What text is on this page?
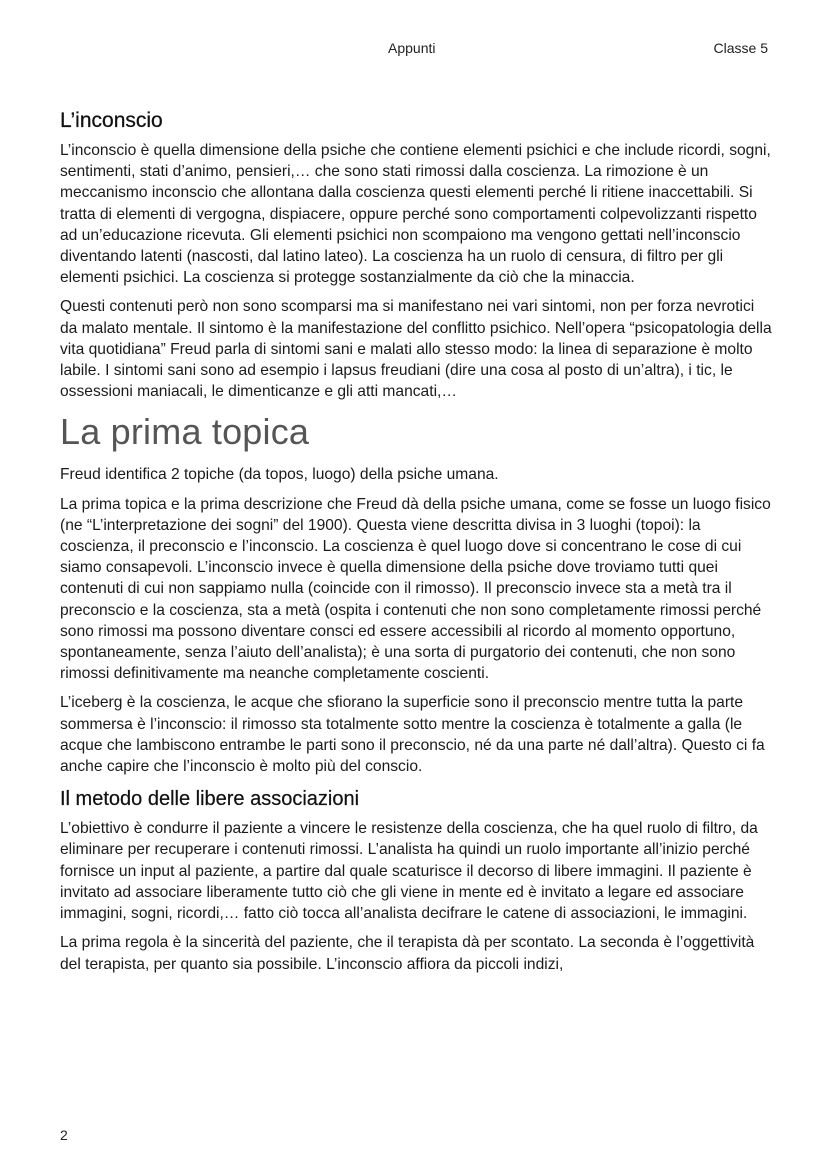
Appunti	Classe 5
L’inconscio

L’inconscio è quella dimensione della psiche che contiene elementi psichici e che include ricordi, sogni, sentimenti, stati d’animo, pensieri,… che sono stati rimossi dalla coscienza. La rimozione è un meccanismo inconscio che allontana dalla coscienza questi elementi perché li ritiene inaccettabili. Si tratta di elementi di vergogna, dispiacere, oppure perché sono comportamenti colpevolizzanti rispetto ad un’educazione ricevuta. Gli elementi psichici non scompaiono ma vengono gettati nell’inconscio diventando latenti (nascosti, dal latino lateo). La coscienza ha un ruolo di censura, di filtro per gli elementi psichici. La coscienza si protegge sostanzialmente da ciò che la minaccia.

Questi contenuti però non sono scomparsi ma si manifestano nei vari sintomi, non per forza nevrotici da malato mentale. Il sintomo è la manifestazione del conflitto psichico. Nell’opera “psicopatologia della vita quotidiana” Freud parla di sintomi sani e malati allo stesso modo: la linea di separazione è molto labile. I sintomi sani sono ad esempio i lapsus freudiani (dire una cosa al posto di un’altra), i tic, le ossessioni maniacali, le dimenticanze e gli atti mancati,…

La prima topica

Freud identifica 2 topiche (da topos, luogo) della psiche umana.

La prima topica e la prima descrizione che Freud dà della psiche umana, come se fosse un luogo fisico (ne “L’interpretazione dei sogni” del 1900). Questa viene descritta divisa in 3 luoghi (topoi): la coscienza, il preconscio e l’inconscio. La coscienza è quel luogo dove si concentrano le cose di cui siamo consapevoli. L’inconscio invece è quella dimensione della psiche dove troviamo tutti quei contenuti di cui non sappiamo nulla (coincide con il rimosso). Il preconscio invece sta a metà tra il preconscio e la coscienza, sta a metà (ospita i contenuti che non sono completamente rimossi perché sono rimossi ma possono diventare consci ed essere accessibili al ricordo al momento opportuno, spontaneamente, senza l’aiuto dell’analista); è una sorta di purgatorio dei contenuti, che non sono rimossi definitivamente ma neanche completamente coscienti.

L’iceberg è la coscienza, le acque che sfiorano la superficie sono il preconscio mentre tutta la parte sommersa è l’inconscio: il rimosso sta totalmente sotto mentre la coscienza è totalmente a galla (le acque che lambiscono entrambe le parti sono il preconscio, né da una parte né dall’altra). Questo ci fa anche capire che l’inconscio è molto più del conscio.

Il metodo delle libere associazioni

L’obiettivo è condurre il paziente a vincere le resistenze della coscienza, che ha quel ruolo di filtro, da eliminare per recuperare i contenuti rimossi. L’analista ha quindi un ruolo importante all’inizio perché fornisce un input al paziente, a partire dal quale scaturisce il decorso di libere immagini. Il paziente è invitato ad associare liberamente tutto ciò che gli viene in mente ed è invitato a legare ed associare immagini, sogni, ricordi,… fatto ciò tocca all’analista decifrare le catene di associazioni, le immagini.

La prima regola è la sincerità del paziente, che il terapista dà per scontato. La seconda è l’oggettività del terapista, per quanto sia possibile. L’inconscio affiora da piccoli indizi,

2
